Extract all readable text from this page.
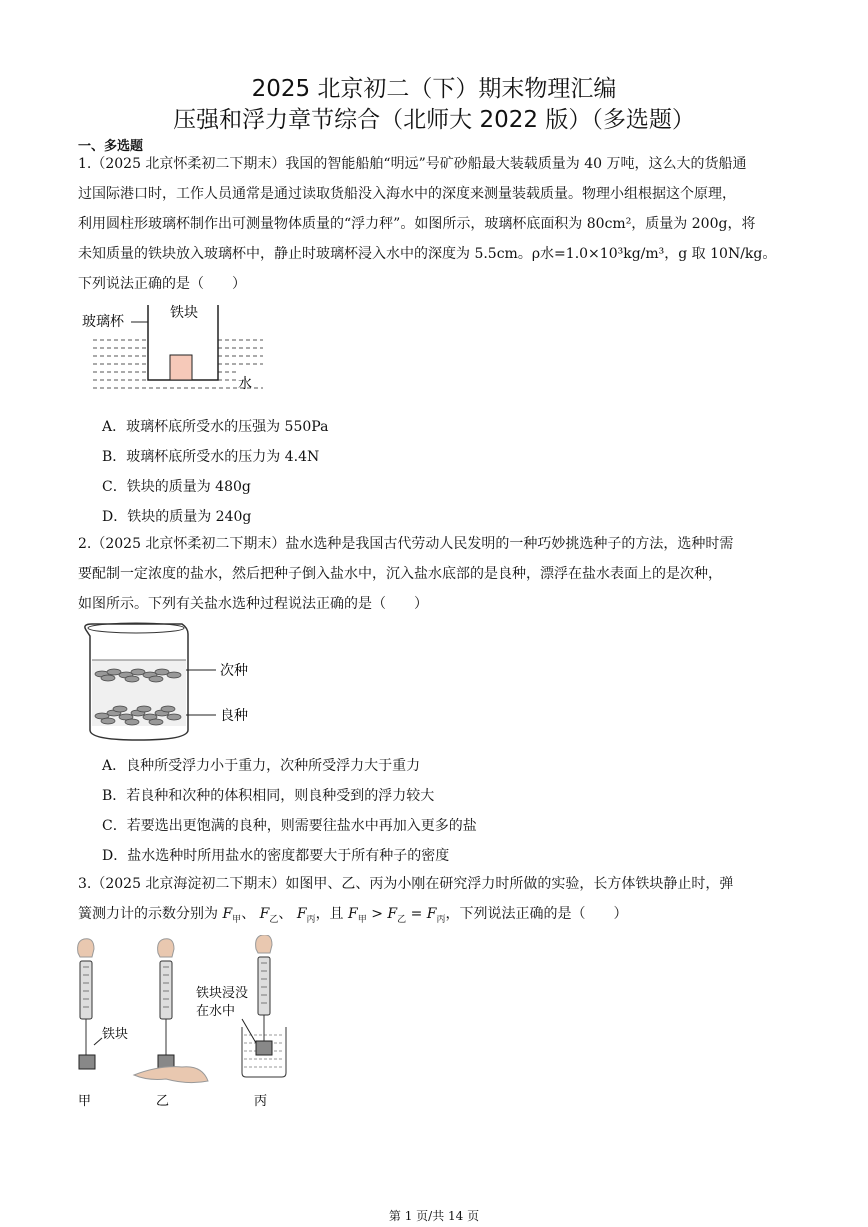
2025 北京初二（下）期末物理汇编
压强和浮力章节综合（北师大 2022 版）（多选题）
一、多选题
1.（2025 北京怀柔初二下期末）我国的智能船舶“明远”号矿砂船最大装载质量为 40 万吨，这么大的货船通
过国际港口时，工作人员通常是通过读取货船没入海水中的深度来测量装载质量。物理小组根据这个原理，
利用圆柱形玻璃杯制作出可测量物体质量的“浮力秤”。如图所示，玻璃杯底面积为 80cm²，质量为 200g，将
未知质量的铁块放入玻璃杯中，静止时玻璃杯浸入水中的深度为 5.5cm。ρ水=1.0×10³kg/m³，g 取 10N/kg。
下列说法正确的是（　　）
玻璃杯
铁块
水
A．玻璃杯底所受水的压强为 550Pa
B．玻璃杯底所受水的压力为 4.4N
C．铁块的质量为 480g
D．铁块的质量为 240g
2.（2025 北京怀柔初二下期末）盐水选种是我国古代劳动人民发明的一种巧妙挑选种子的方法，选种时需
要配制一定浓度的盐水，然后把种子倒入盐水中，沉入盐水底部的是良种，漂浮在盐水表面上的是次种，
如图所示。下列有关盐水选种过程说法正确的是（　　）
次种
良种
A．良种所受浮力小于重力，次种所受浮力大于重力
B．若良种和次种的体积相同，则良种受到的浮力较大
C．若要选出更饱满的良种，则需要往盐水中再加入更多的盐
D．盐水选种时所用盐水的密度都要大于所有种子的密度
3.（2025 北京海淀初二下期末）如图甲、乙、丙为小刚在研究浮力时所做的实验，长方体铁块静止时，弹
簧测力计的示数分别为 $F_甲$、 $F_乙$、 $F_丙$，且 $F_甲 > F_乙 = F_丙$，下列说法正确的是（　　）
铁块
甲	乙
铁块浸没
在水中
丙
第 1 页/共 14 页
